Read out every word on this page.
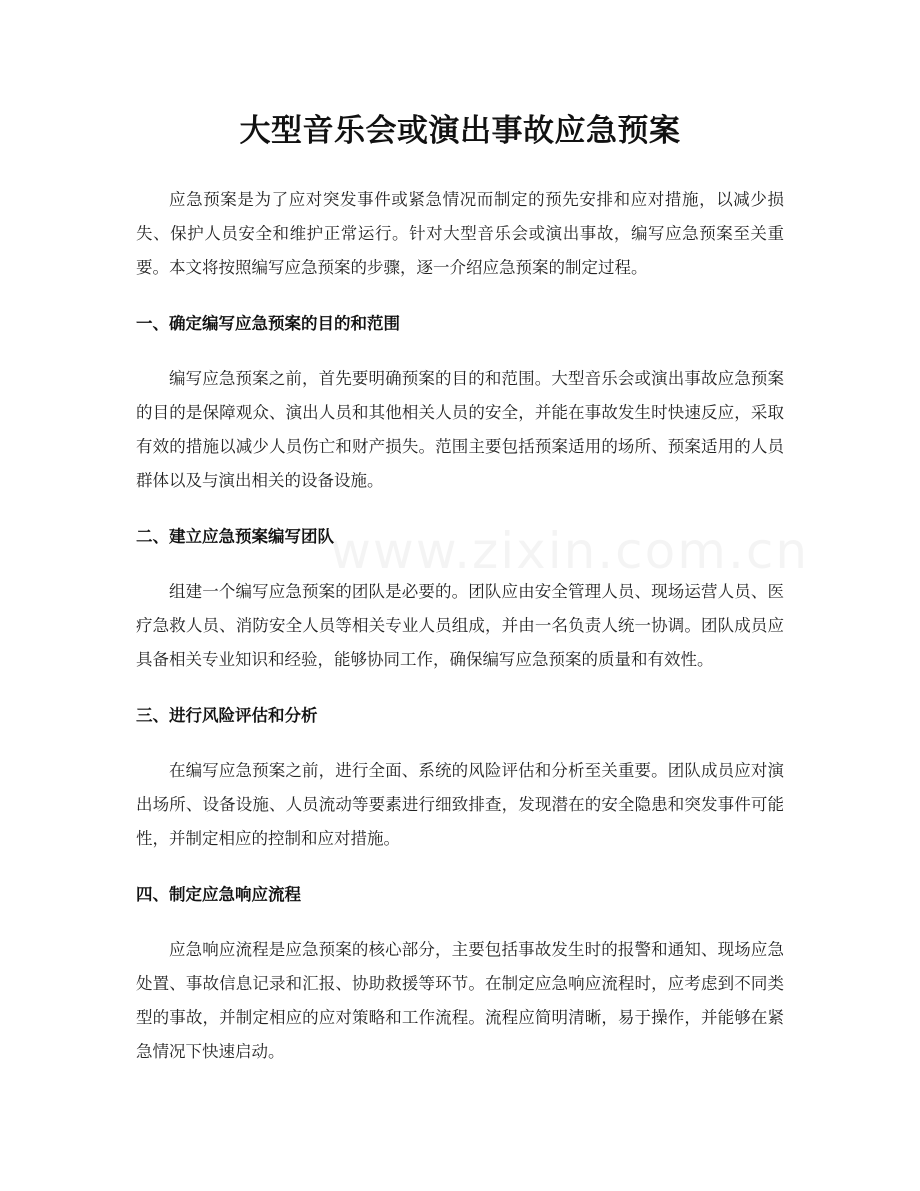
大型音乐会或演出事故应急预案

应急预案是为了应对突发事件或紧急情况而制定的预先安排和应对措施，以减少损失、保护人员安全和维护正常运行。针对大型音乐会或演出事故，编写应急预案至关重要。本文将按照编写应急预案的步骤，逐一介绍应急预案的制定过程。

一、确定编写应急预案的目的和范围

编写应急预案之前，首先要明确预案的目的和范围。大型音乐会或演出事故应急预案的目的是保障观众、演出人员和其他相关人员的安全，并能在事故发生时快速反应，采取有效的措施以减少人员伤亡和财产损失。范围主要包括预案适用的场所、预案适用的人员群体以及与演出相关的设备设施。

二、建立应急预案编写团队

组建一个编写应急预案的团队是必要的。团队应由安全管理人员、现场运营人员、医疗急救人员、消防安全人员等相关专业人员组成，并由一名负责人统一协调。团队成员应具备相关专业知识和经验，能够协同工作，确保编写应急预案的质量和有效性。

三、进行风险评估和分析

在编写应急预案之前，进行全面、系统的风险评估和分析至关重要。团队成员应对演出场所、设备设施、人员流动等要素进行细致排查，发现潜在的安全隐患和突发事件可能性，并制定相应的控制和应对措施。

四、制定应急响应流程

应急响应流程是应急预案的核心部分，主要包括事故发生时的报警和通知、现场应急处置、事故信息记录和汇报、协助救援等环节。在制定应急响应流程时，应考虑到不同类型的事故，并制定相应的应对策略和工作流程。流程应简明清晰，易于操作，并能够在紧急情况下快速启动。
